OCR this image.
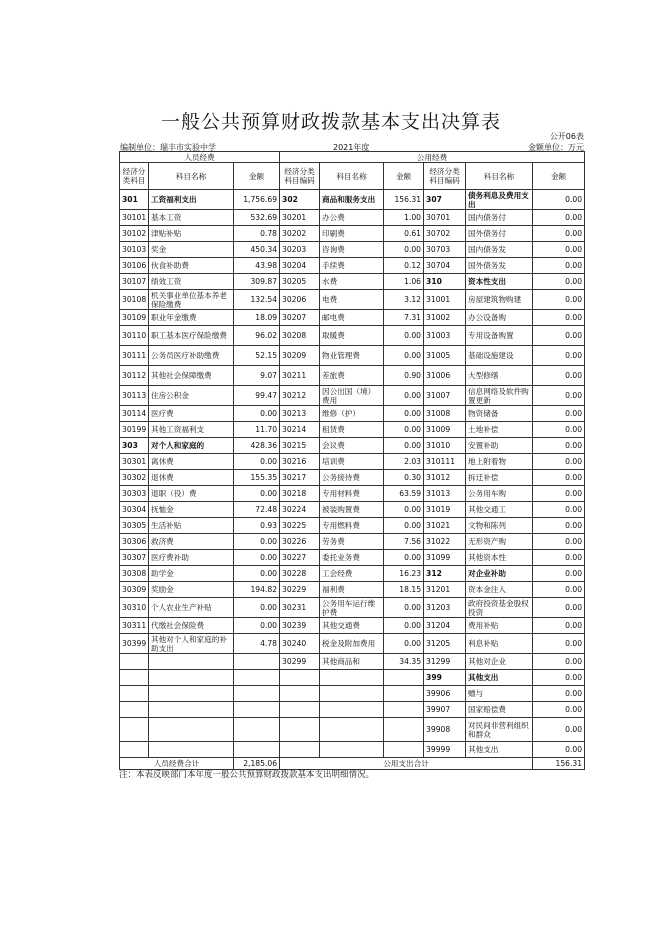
一般公共预算财政拨款基本支出决算表
公开06表
编制单位：瑞丰市实验中学	2021年度	金额单位：万元
人员经费			公用经费					
经济分类科目	科目名称	金额	经济分类科目编码	科目名称	金额	经济分类科目编码	科目名称	金额
301	工资福利支出	1,756.69	302	商品和服务支出	156.31	307	债务利息及费用支出	0.00
30101	基本工资	532.69	30201	办公费	1.00	30701	国内债务付	0.00
30102	津贴补贴	0.78	30202	印刷费	0.61	30702	国外债务付	0.00
30103	奖金	450.34	30203	咨询费	0.00	30703	国内债务发	0.00
30106	伙食补助费	43.98	30204	手续费	0.12	30704	国外债务发	0.00
30107	绩效工资	309.87	30205	水费	1.06	310	资本性支出	0.00
30108	机关事业单位基本养老保险缴费	132.54	30206	电费	3.12	31001	房屋建筑物购建	0.00
30109	职业年金缴费	18.09	30207	邮电费	7.31	31002	办公设备购	0.00
30110	职工基本医疗保险缴费	96.02	30208	取暖费	0.00	31003	专用设备购置	0.00
30111	公务员医疗补助缴费	52.15	30209	物业管理费	0.00	31005	基础设施建设	0.00
30112	其他社会保障缴费	9.07	30211	差旅费	0.90	31006	大型修缮	0.00
30113	住房公积金	99.47	30212	因公出国（境）费用	0.00	31007	信息网络及软件购置更新	0.00
30114	医疗费	0.00	30213	维修（护）	0.00	31008	物资储备	0.00
30199	其他工资福利支	11.70	30214	租赁费	0.00	31009	土地补偿	0.00
303	对个人和家庭的	428.36	30215	会议费	0.00	31010	安置补助	0.00
30301	离休费	0.00	30216	培训费	2.03	310111	地上附着物	0.00
30302	退休费	155.35	30217	公务接待费	0.30	31012	拆迁补偿	0.00
30303	退职（役）费	0.00	30218	专用材料费	63.59	31013	公务用车购	0.00
30304	抚恤金	72.48	30224	被装购置费	0.00	31019	其他交通工	0.00
30305	生活补贴	0.93	30225	专用燃料费	0.00	31021	文物和陈列	0.00
30306	救济费	0.00	30226	劳务费	7.56	31022	无形资产购	0.00
30307	医疗费补助	0.00	30227	委托业务费	0.00	31099	其他资本性	0.00
30308	助学金	0.00	30228	工会经费	16.23	312	对企业补助	0.00
30309	奖励金	194.82	30229	福利费	18.15	31201	资本金注入	0.00
30310	个人农业生产补贴	0.00	30231	公务用车运行维护费	0.00	31203	政府投资基金股权投资	0.00
30311	代缴社会保险费	0.00	30239	其他交通费	0.00	31204	费用补贴	0.00
30399	其他对个人和家庭的补助支出	4.78	30240	税金及附加费用	0.00	31205	利息补贴	0.00
			30299	其他商品和	34.35	31299	其他对企业	0.00
						399	其他支出	0.00
						39906	赠与	0.00
						39907	国家赔偿费	0.00
						39908	对民间非营利组织和群众	0.00
						39999	其他支出	0.00
人员经费合计		2,185.06	公用支出合计					156.31
注：本表反映部门本年度一般公共预算财政拨款基本支出明细情况。
